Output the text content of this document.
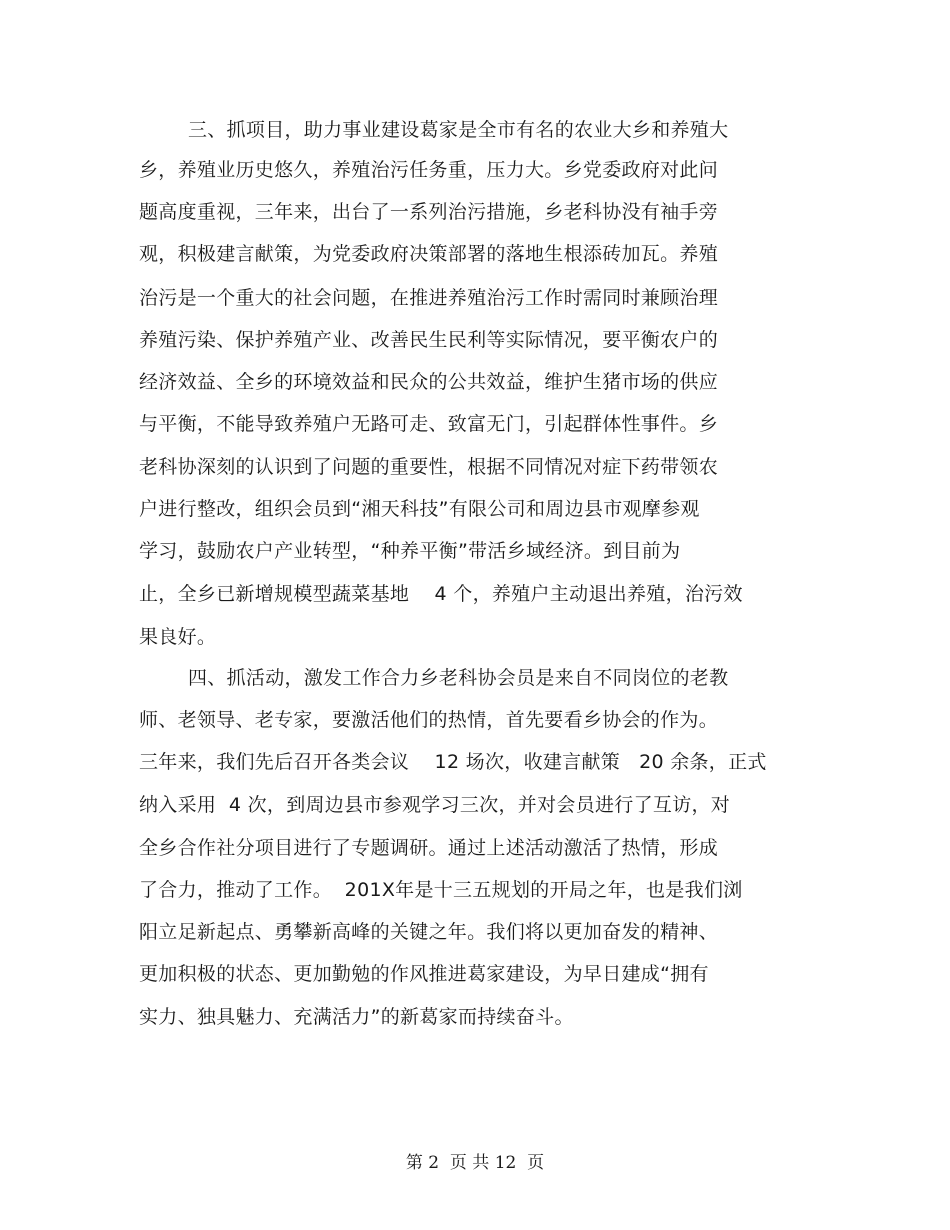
三、抓项目，助力事业建设葛家是全市有名的农业大乡和养殖大
乡，养殖业历史悠久，养殖治污任务重，压力大。乡党委政府对此问
题高度重视，三年来，出台了一系列治污措施，乡老科协没有袖手旁
观，积极建言献策，为党委政府决策部署的落地生根添砖加瓦。养殖
治污是一个重大的社会问题，在推进养殖治污工作时需同时兼顾治理
养殖污染、保护养殖产业、改善民生民利等实际情况，要平衡农户的
经济效益、全乡的环境效益和民众的公共效益，维护生猪市场的供应
与平衡，不能导致养殖户无路可走、致富无门，引起群体性事件。乡
老科协深刻的认识到了问题的重要性，根据不同情况对症下药带领农
户进行整改，组织会员到“湘天科技”有限公司和周边县市观摩参观
学习，鼓励农户产业转型，“种养平衡”带活乡域经济。到目前为
止，全乡已新增规模型蔬菜基地    4 个，养殖户主动退出养殖，治污效
果良好。
四、抓活动，激发工作合力乡老科协会员是来自不同岗位的老教
师、老领导、老专家，要激活他们的热情，首先要看乡协会的作为。
三年来，我们先后召开各类会议    12 场次，收建言献策   20 余条，正式
纳入采用  4 次，到周边县市参观学习三次，并对会员进行了互访，对
全乡合作社分项目进行了专题调研。通过上述活动激活了热情，形成
了合力，推动了工作。  201X年是十三五规划的开局之年，也是我们浏
阳立足新起点、勇攀新高峰的关键之年。我们将以更加奋发的精神、
更加积极的状态、更加勤勉的作风推进葛家建设，为早日建成“拥有
实力、独具魅力、充满活力”的新葛家而持续奋斗。
第 2  页 共 12  页
